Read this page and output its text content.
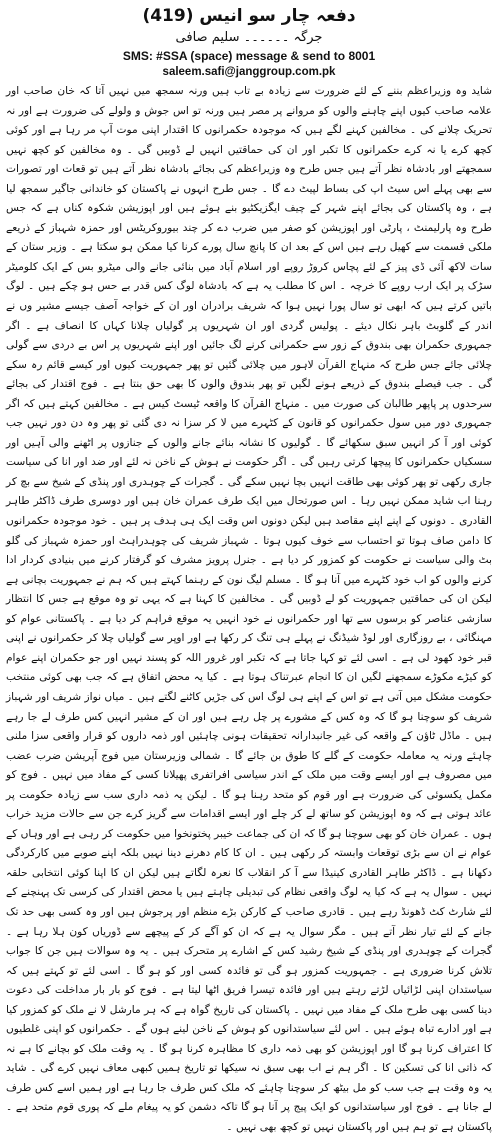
دفعہ چار سو انیس (419)

جرگہ ۔۔۔۔۔۔ سلیم صافی

SMS: #SSA (space) message & send to 8001

saleem.safi@janggroup.com.pk

شاید وہ وزیراعظم بننے کے لئے ضرورت سے زیادہ بے تاب ہیں ورنہ سمجھ میں نہیں آتا کہ خان صاحب اور علامہ صاحب کیوں اپنے چاہنے والوں کو مروانے پر مصر ہیں ورنہ تو اس جوش و ولولے کی ضرورت ہے اور نہ تحریک چلانے کی ۔ مخالفین کہنے لگے ہیں کہ موجودہ حکمرانوں کا اقتدار اپنی موت آپ مر رہا ہے اور کوئی کچھ کرے یا نہ کرے حکمرانوں کا تکبر اور ان کی حماقتیں انہیں لے ڈوبیں گی ۔ وہ مخالفین کو کچھ نہیں سمجھتے اور بادشاہ نظر آتے ہیں جس طرح وہ وزیراعظم کی بجائے بادشاہ نظر آتے ہیں تو قعات اور تصورات سے بھی پہلے اس سیٹ اپ کی بساط لپیٹ دے گا ۔ جس طرح انہوں نے پاکستان کو خاندانی جاگیر سمجھ لیا ہے ، وہ پاکستان کی بجائے اپنے شہر کے چیف ایگزیکٹیو بنے ہوئے ہیں اور اپوزیشن شکوہ کناں ہے کہ جس طرح وہ پارلیمنٹ ، پارٹی اور اپوزیشن کو صفر میں ضرب دے کر چند بیوروکریٹس اور حمزہ شہباز کے ذریعے ملکی قسمت سے کھیل رہے ہیں اس کے بعد ان کا پانچ سال پورے کرنا کیا ممکن ہو سکتا ہے ۔ وزیر ستان کے سات لاکھ آئی ڈی پیز کے لئے پچاس کروڑ روپے اور اسلام آباد میں بنائی جانے والی میٹرو بس کے ایک کلومیٹر سڑک پر ایک ارب روپے کا خرچہ ۔ اس کا مطلب یہ ہے کہ بادشاہ لوگ کس قدر بے حس ہو چکے ہیں ۔ لوگ باتیں کرتے ہیں کہ ابھی تو سال پورا نہیں ہوا کہ شریف برادران اور ان کے خواجہ آصف جیسے مشیر وں نے اندر کے گلوبٹ باہر نکال دیئے ۔ پولیس گردی اور ان شہریوں پر گولیاں چلانا کہاں کا انصاف ہے ۔ اگر جمہوری حکمران بھی بندوق کے زور سے حکمرانی کرنے لگ جائیں اور اپنے شہریوں پر اس بے دردی سے گولی چلائی جائے جس طرح کہ منہاج القرآن لاہور میں چلائی گئیں تو پھر جمہوریت کیوں اور کیسے قائم رہ سکے گی ۔ جب فیصلے بندوق کے ذریعے ہونے لگیں تو پھر بندوق والوں کا بھی حق بنتا ہے ۔ فوج اقتدار کی بجائے سرحدوں پر پاپھر طالبان کی صورت میں ۔ منہاج القرآن کا واقعہ ٹیسٹ کیس ہے ۔ مخالفین کہتے ہیں کہ اگر جمہوری دور میں سول حکمرانوں کو قانون کے کٹہرے میں لا کر سزا نہ دی گئی تو پھر وہ دن دور نہیں جب کوئی اور آ کر انہیں سبق سکھائے گا ۔ گولیوں کا نشانہ بنائے جانے والوں کے جنازوں پر اٹھنے والی آہیں اور سسکیاں حکمرانوں کا پیچھا کرتی رہیں گی ۔ اگر حکومت نے ہوش کے ناخن نہ لئے اور ضد اور انا کی سیاست جاری رکھی تو پھر کوئی بھی طاقت انہیں بچا نہیں سکے گی ۔ گجرات کے چوہدری اور پنڈی کے شیخ سے بچ کر رہنا اب شاید ممکن نہیں رہا ۔ اس صورتحال میں ایک طرف عمران خان ہیں اور دوسری طرف ڈاکٹر طاہر القادری ۔ دونوں کے اپنے اپنے مقاصد ہیں لیکن دونوں اس وقت ایک ہی ہدف پر ہیں ۔ خود موجودہ حکمرانوں کا دامن صاف ہوتا تو احتساب سے خوف کیوں ہوتا ۔ شہباز شریف کی چوہدراہٹ اور حمزہ شہباز کی گلو بٹ والی سیاست نے حکومت کو کمزور کر دیا ہے ۔ جنرل پرویز مشرف کو گرفتار کرنے میں بنیادی کردار ادا کرنے والوں کو اب خود کٹہرے میں آنا ہو گا ۔ مسلم لیگ نون کے رہنما کہتے ہیں کہ ہم نے جمہوریت بچانی ہے لیکن ان کی حماقتیں جمہوریت کو لے ڈوبیں گی ۔ مخالفین کا کہنا ہے کہ یہی تو وہ موقع ہے جس کا انتظار سازشی عناصر کو برسوں سے تھا اور حکمرانوں نے خود انہیں یہ موقع فراہم کر دیا ہے ۔ پاکستانی عوام کو مہنگائی ، بے روزگاری اور لوڈ شیڈنگ نے پہلے ہی تنگ کر رکھا ہے اور اوپر سے گولیاں چلا کر حکمرانوں نے اپنی قبر خود کھود لی ہے ۔ اسی لئے تو کہا جاتا ہے کہ تکبر اور غرور اللہ کو پسند نہیں اور جو حکمران اپنے عوام کو کیڑے مکوڑے سمجھنے لگیں ان کا انجام عبرتناک ہوتا ہے ۔ کیا یہ محض اتفاق ہے کہ جب بھی کوئی منتخب حکومت مشکل میں آتی ہے تو اس کے اپنے ہی لوگ اس کی جڑیں کاٹنے لگتے ہیں ۔ میاں نواز شریف اور شہباز شریف کو سوچنا ہو گا کہ وہ کس کے مشورے پر چل رہے ہیں اور ان کے مشیر انہیں کس طرف لے جا رہے ہیں ۔ ماڈل ٹاؤن کے واقعہ کی غیر جانبدارانہ تحقیقات ہونی چاہئیں اور ذمہ داروں کو قرار واقعی سزا ملنی چاہئے ورنہ یہ معاملہ حکومت کے گلے کا طوق بن جائے گا ۔ شمالی وزیرستان میں فوج آپریشن ضرب عضب میں مصروف ہے اور ایسے وقت میں ملک کے اندر سیاسی افراتفری پھیلانا کسی کے مفاد میں نہیں ۔ فوج کو مکمل یکسوئی کی ضرورت ہے اور قوم کو متحد رہنا ہو گا ۔ لیکن یہ ذمہ داری سب سے زیادہ حکومت پر عائد ہوتی ہے کہ وہ اپوزیشن کو ساتھ لے کر چلے اور ایسے اقدامات سے گریز کرے جن سے حالات مزید خراب ہوں ۔ عمران خان کو بھی سوچنا ہو گا کہ ان کی جماعت خیبر پختونخوا میں حکومت کر رہی ہے اور وہاں کے عوام نے ان سے بڑی توقعات وابستہ کر رکھی ہیں ۔ ان کا کام دھرنے دینا نہیں بلکہ اپنے صوبے میں کارکردگی دکھانا ہے ۔ ڈاکٹر طاہر القادری کینیڈا سے آ کر انقلاب کا نعرہ لگاتے ہیں لیکن ان کا اپنا کوئی انتخابی حلقہ نہیں ۔ سوال یہ ہے کہ کیا یہ لوگ واقعی نظام کی تبدیلی چاہتے ہیں یا محض اقتدار کی کرسی تک پہنچنے کے لئے شارٹ کٹ ڈھونڈ رہے ہیں ۔ قادری صاحب کے کارکن بڑے منظم اور پرجوش ہیں اور وہ کسی بھی حد تک جانے کے لئے تیار نظر آتے ہیں ۔ مگر سوال یہ ہے کہ ان کو آگے کر کے پیچھے سے ڈوریاں کون ہلا رہا ہے ۔ گجرات کے چوہدری اور پنڈی کے شیخ رشید کس کے اشارے پر متحرک ہیں ۔ یہ وہ سوالات ہیں جن کا جواب تلاش کرنا ضروری ہے ۔ جمہوریت کمزور ہو گی تو فائدہ کسی اور کو ہو گا ۔ اسی لئے تو کہتے ہیں کہ سیاستدان اپنی لڑائیاں لڑتے رہتے ہیں اور فائدہ تیسرا فریق اٹھا لیتا ہے ۔ فوج کو بار بار مداخلت کی دعوت دینا کسی بھی طرح ملک کے مفاد میں نہیں ۔ پاکستان کی تاریخ گواہ ہے کہ ہر مارشل لا نے ملک کو کمزور کیا ہے اور ادارے تباہ ہوئے ہیں ۔ اس لئے سیاستدانوں کو ہوش کے ناخن لینے ہوں گے ۔ حکمرانوں کو اپنی غلطیوں کا اعتراف کرنا ہو گا اور اپوزیشن کو بھی ذمہ داری کا مظاہرہ کرنا ہو گا ۔ یہ وقت ملک کو بچانے کا ہے نہ کہ ذاتی انا کی تسکین کا ۔ اگر ہم نے اب بھی سبق نہ سیکھا تو تاریخ ہمیں کبھی معاف نہیں کرے گی ۔ شاید یہ وہ وقت ہے جب سب کو مل بیٹھ کر سوچنا چاہئے کہ ملک کس طرف جا رہا ہے اور ہمیں اسے کس طرف لے جانا ہے ۔ فوج اور سیاستدانوں کو ایک پیج پر آنا ہو گا تاکہ دشمن کو یہ پیغام ملے کہ پوری قوم متحد ہے ۔ پاکستان ہے تو ہم ہیں اور پاکستان نہیں تو کچھ بھی نہیں ۔
